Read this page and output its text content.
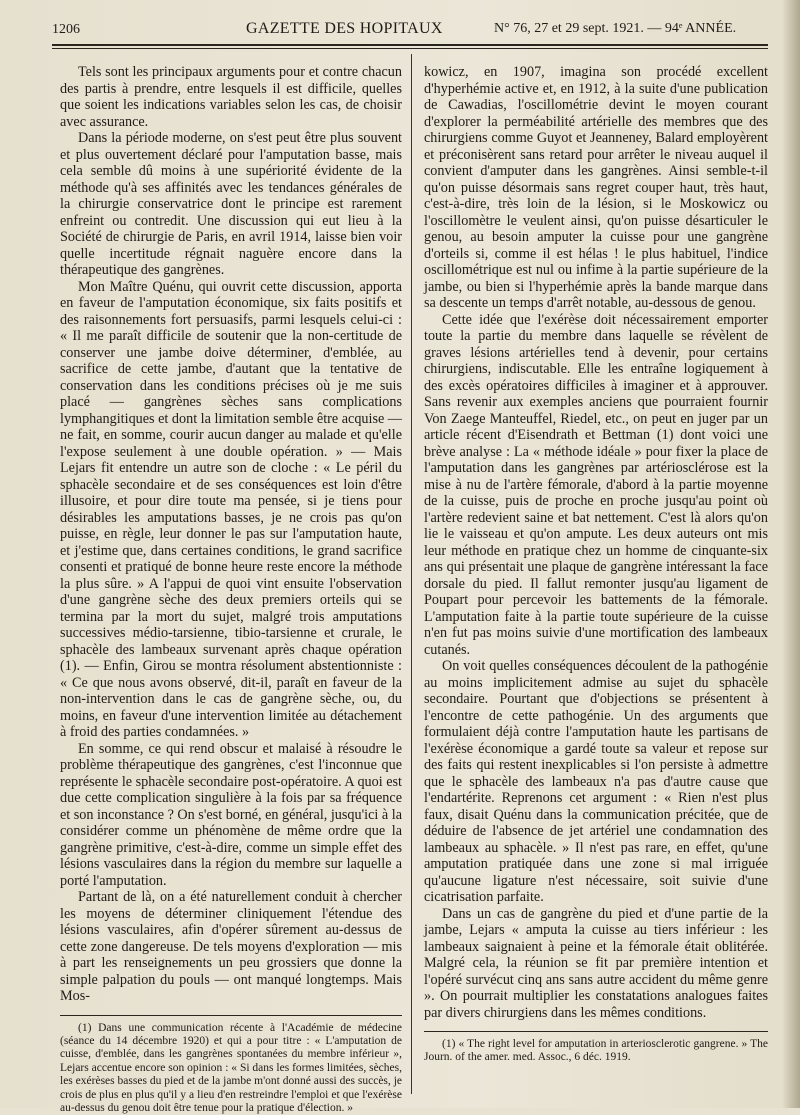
1206	GAZETTE DES HOPITAUX	N° 76, 27 et 29 sept. 1921. — 94ᵉ ANNÉE.

Tels sont les principaux arguments pour et contre chacun des partis à prendre, entre lesquels il est difficile, quelles que soient les indications variables selon les cas, de choisir avec assurance.

Dans la période moderne, on s'est peut être plus souvent et plus ouvertement déclaré pour l'amputation basse, mais cela semble dû moins à une supériorité évidente de la méthode qu'à ses affinités avec les tendances générales de la chirurgie conservatrice dont le principe est rarement enfreint ou contredit. Une discussion qui eut lieu à la Société de chirurgie de Paris, en avril 1914, laisse bien voir quelle incertitude régnait naguère encore dans la thérapeutique des gangrènes.

Mon Maître Quénu, qui ouvrit cette discussion, apporta en faveur de l'amputation économique, six faits positifs et des raisonnements fort persuasifs, parmi lesquels celui-ci : « Il me paraît difficile de soutenir que la non-certitude de conserver une jambe doive déterminer, d'emblée, au sacrifice de cette jambe, d'autant que la tentative de conservation dans les conditions précises où je me suis placé — gangrènes sèches sans complications lymphangitiques et dont la limitation semble être acquise — ne fait, en somme, courir aucun danger au malade et qu'elle l'expose seulement à une double opération. » — Mais Lejars fit entendre un autre son de cloche : « Le péril du sphacèle secondaire et de ses conséquences est loin d'être illusoire, et pour dire toute ma pensée, si je tiens pour désirables les amputations basses, je ne crois pas qu'on puisse, en règle, leur donner le pas sur l'amputation haute, et j'estime que, dans certaines conditions, le grand sacrifice consenti et pratiqué de bonne heure reste encore la méthode la plus sûre. » A l'appui de quoi vint ensuite l'observation d'une gangrène sèche des deux premiers orteils qui se termina par la mort du sujet, malgré trois amputations successives médio-tarsienne, tibio-tarsienne et crurale, le sphacèle des lambeaux survenant après chaque opération (1). — Enfin, Girou se montra résolument abstentionniste : « Ce que nous avons observé, dit-il, paraît en faveur de la non-intervention dans le cas de gangrène sèche, ou, du moins, en faveur d'une intervention limitée au détachement à froid des parties condamnées. »

En somme, ce qui rend obscur et malaisé à résoudre le problème thérapeutique des gangrènes, c'est l'inconnue que représente le sphacèle secondaire post-opératoire. A quoi est due cette complication singulière à la fois par sa fréquence et son inconstance ? On s'est borné, en général, jusqu'ici à la considérer comme un phénomène de même ordre que la gangrène primitive, c'est-à-dire, comme un simple effet des lésions vasculaires dans la région du membre sur laquelle a porté l'amputation.

Partant de là, on a été naturellement conduit à chercher les moyens de déterminer cliniquement l'étendue des lésions vasculaires, afin d'opérer sûrement au-dessus de cette zone dangereuse. De tels moyens d'exploration — mis à part les renseignements un peu grossiers que donne la simple palpation du pouls — ont manqué longtemps. Mais Mos-

(1) Dans une communication récente à l'Académie de médecine (séance du 14 décembre 1920) et qui a pour titre : « L'amputation de cuisse, d'emblée, dans les gangrènes spontanées du membre inférieur », Lejars accentue encore son opinion : « Si dans les formes limitées, sèches, les exérèses basses du pied et de la jambe m'ont donné aussi des succès, je crois de plus en plus qu'il y a lieu d'en restreindre l'emploi et que l'exérèse au-dessus du genou doit être tenue pour la pratique d'élection. »

kowicz, en 1907, imagina son procédé excellent d'hyperhémie active et, en 1912, à la suite d'une publication de Cawadias, l'oscillométrie devint le moyen courant d'explorer la perméabilité artérielle des membres que des chirurgiens comme Guyot et Jeanneney, Balard employèrent et préconisèrent sans retard pour arrêter le niveau auquel il convient d'amputer dans les gangrènes. Ainsi semble-t-il qu'on puisse désormais sans regret couper haut, très haut, c'est-à-dire, très loin de la lésion, si le Moskowicz ou l'oscillomètre le veulent ainsi, qu'on puisse désarticuler le genou, au besoin amputer la cuisse pour une gangrène d'orteils si, comme il est hélas ! le plus habituel, l'indice oscillométrique est nul ou infime à la partie supérieure de la jambe, ou bien si l'hyperhémie après la bande marque dans sa descente un temps d'arrêt notable, au-dessous de genou.

Cette idée que l'exérèse doit nécessairement emporter toute la partie du membre dans laquelle se révèlent de graves lésions artérielles tend à devenir, pour certains chirurgiens, indiscutable. Elle les entraîne logiquement à des excès opératoires difficiles à imaginer et à approuver. Sans revenir aux exemples anciens que pourraient fournir Von Zaege Manteuffel, Riedel, etc., on peut en juger par un article récent d'Eisendrath et Bettman (1) dont voici une brève analyse : La « méthode idéale » pour fixer la place de l'amputation dans les gangrènes par artériosclérose est la mise à nu de l'artère fémorale, d'abord à la partie moyenne de la cuisse, puis de proche en proche jusqu'au point où l'artère redevient saine et bat nettement. C'est là alors qu'on lie le vaisseau et qu'on ampute. Les deux auteurs ont mis leur méthode en pratique chez un homme de cinquante-six ans qui présentait une plaque de gangrène intéressant la face dorsale du pied. Il fallut remonter jusqu'au ligament de Poupart pour percevoir les battements de la fémorale. L'amputation faite à la partie toute supérieure de la cuisse n'en fut pas moins suivie d'une mortification des lambeaux cutanés.

On voit quelles conséquences découlent de la pathogénie au moins implicitement admise au sujet du sphacèle secondaire. Pourtant que d'objections se présentent à l'encontre de cette pathogénie. Un des arguments que formulaient déjà contre l'amputation haute les partisans de l'exérèse économique a gardé toute sa valeur et repose sur des faits qui restent inexplicables si l'on persiste à admettre que le sphacèle des lambeaux n'a pas d'autre cause que l'endartérite. Reprenons cet argument : « Rien n'est plus faux, disait Quénu dans la communication précitée, que de déduire de l'absence de jet artériel une condamnation des lambeaux au sphacèle. » Il n'est pas rare, en effet, qu'une amputation pratiquée dans une zone si mal irriguée qu'aucune ligature n'est nécessaire, soit suivie d'une cicatrisation parfaite.

Dans un cas de gangrène du pied et d'une partie de la jambe, Lejars « amputa la cuisse au tiers inférieur : les lambeaux saignaient à peine et la fémorale était oblitérée. Malgré cela, la réunion se fit par première intention et l'opéré survécut cinq ans sans autre accident du même genre ». On pourrait multiplier les constatations analogues faites par divers chirurgiens dans les mêmes conditions.

(1) « The right level for amputation in arteriosclerotic gangrene. » The Journ. of the amer. med. Assoc., 6 déc. 1919.
